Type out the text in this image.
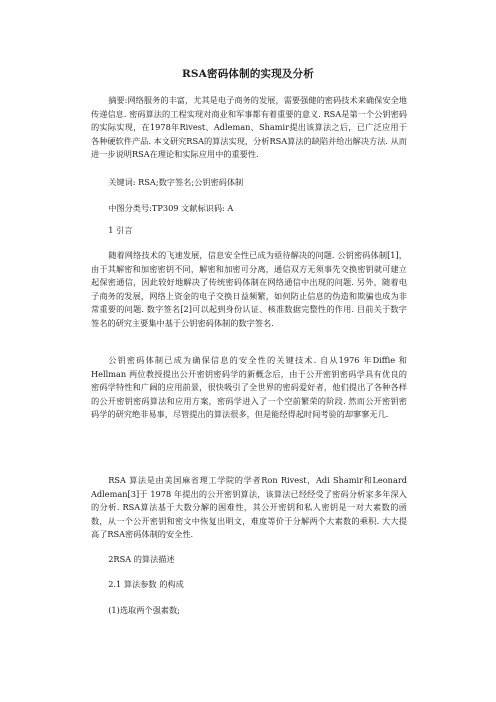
RSA密码体制的实现及分析

摘要:网络服务的丰富，尤其是电子商务的发展，需要强健的密码技术来确保安全地传递信息. 密码算法的工程实现对商业和军事都有着重要的意义. RSA是第一个公钥密码的实际实现，在1978年Rivest、Adleman、Shamir提出该算法之后，已广泛应用于各种硬软件产品. 本文研究RSA的算法实现，分析RSA算法的缺陷并给出解决方法. 从而进一步说明RSA在理论和实际应用中的重要性.

关键词: RSA;数字签名;公钥密码体制

中图分类号:TP309 文献标识码: A

1 引言

随着网络技术的飞速发展，信息安全性已成为亟待解决的问题. 公钥密码体制[1]，由于其解密和加密密钥不同，解密和加密可分离，通信双方无须事先交换密钥就可建立起保密通信，因此较好地解决了传统密码体制在网络通信中出现的问题. 另外，随着电子商务的发展，网络上资金的电子交换日益频繁，如何防止信息的伪造和欺骗也成为非常重要的问题. 数字签名[2]可以起到身份认证、核准数据完整性的作用. 目前关于数字签名的研究主要集中基于公钥密码体制的数字签名.

公钥密码体制已成为确保信息的安全性的关键技术. 自从1976 年Diffie 和Hellman 两位教授提出公开密钥密码学的新概念后，由于公开密钥密码学具有优良的密码学特性和广阔的应用前景，很快吸引了全世界的密码爱好者，他们提出了各种各样的公开密钥密码算法和应用方案，密码学进入了一个空前繁荣的阶段. 然而公开密钥密码学的研究绝非易事，尽管提出的算法很多，但是能经得起时间考验的却寥寥无几.

RSA 算法是由美国麻省理工学院的学者Ron Rivest，Adi Shamir和Leonard Adleman[3]于 1978 年提出的公开密钥算法，该算法已经经受了密码分析家多年深入的分析. RSA算法基于大数分解的困难性，其公开密钥和私人密钥是一对大素数的函数，从一个公开密钥和密文中恢复出明文，难度等价于分解两个大素数的乘积. 大大提高了RSA密码体制的安全性.

2RSA 的算法描述

2.1 算法参数 的构成

(1)选取两个强素数;
